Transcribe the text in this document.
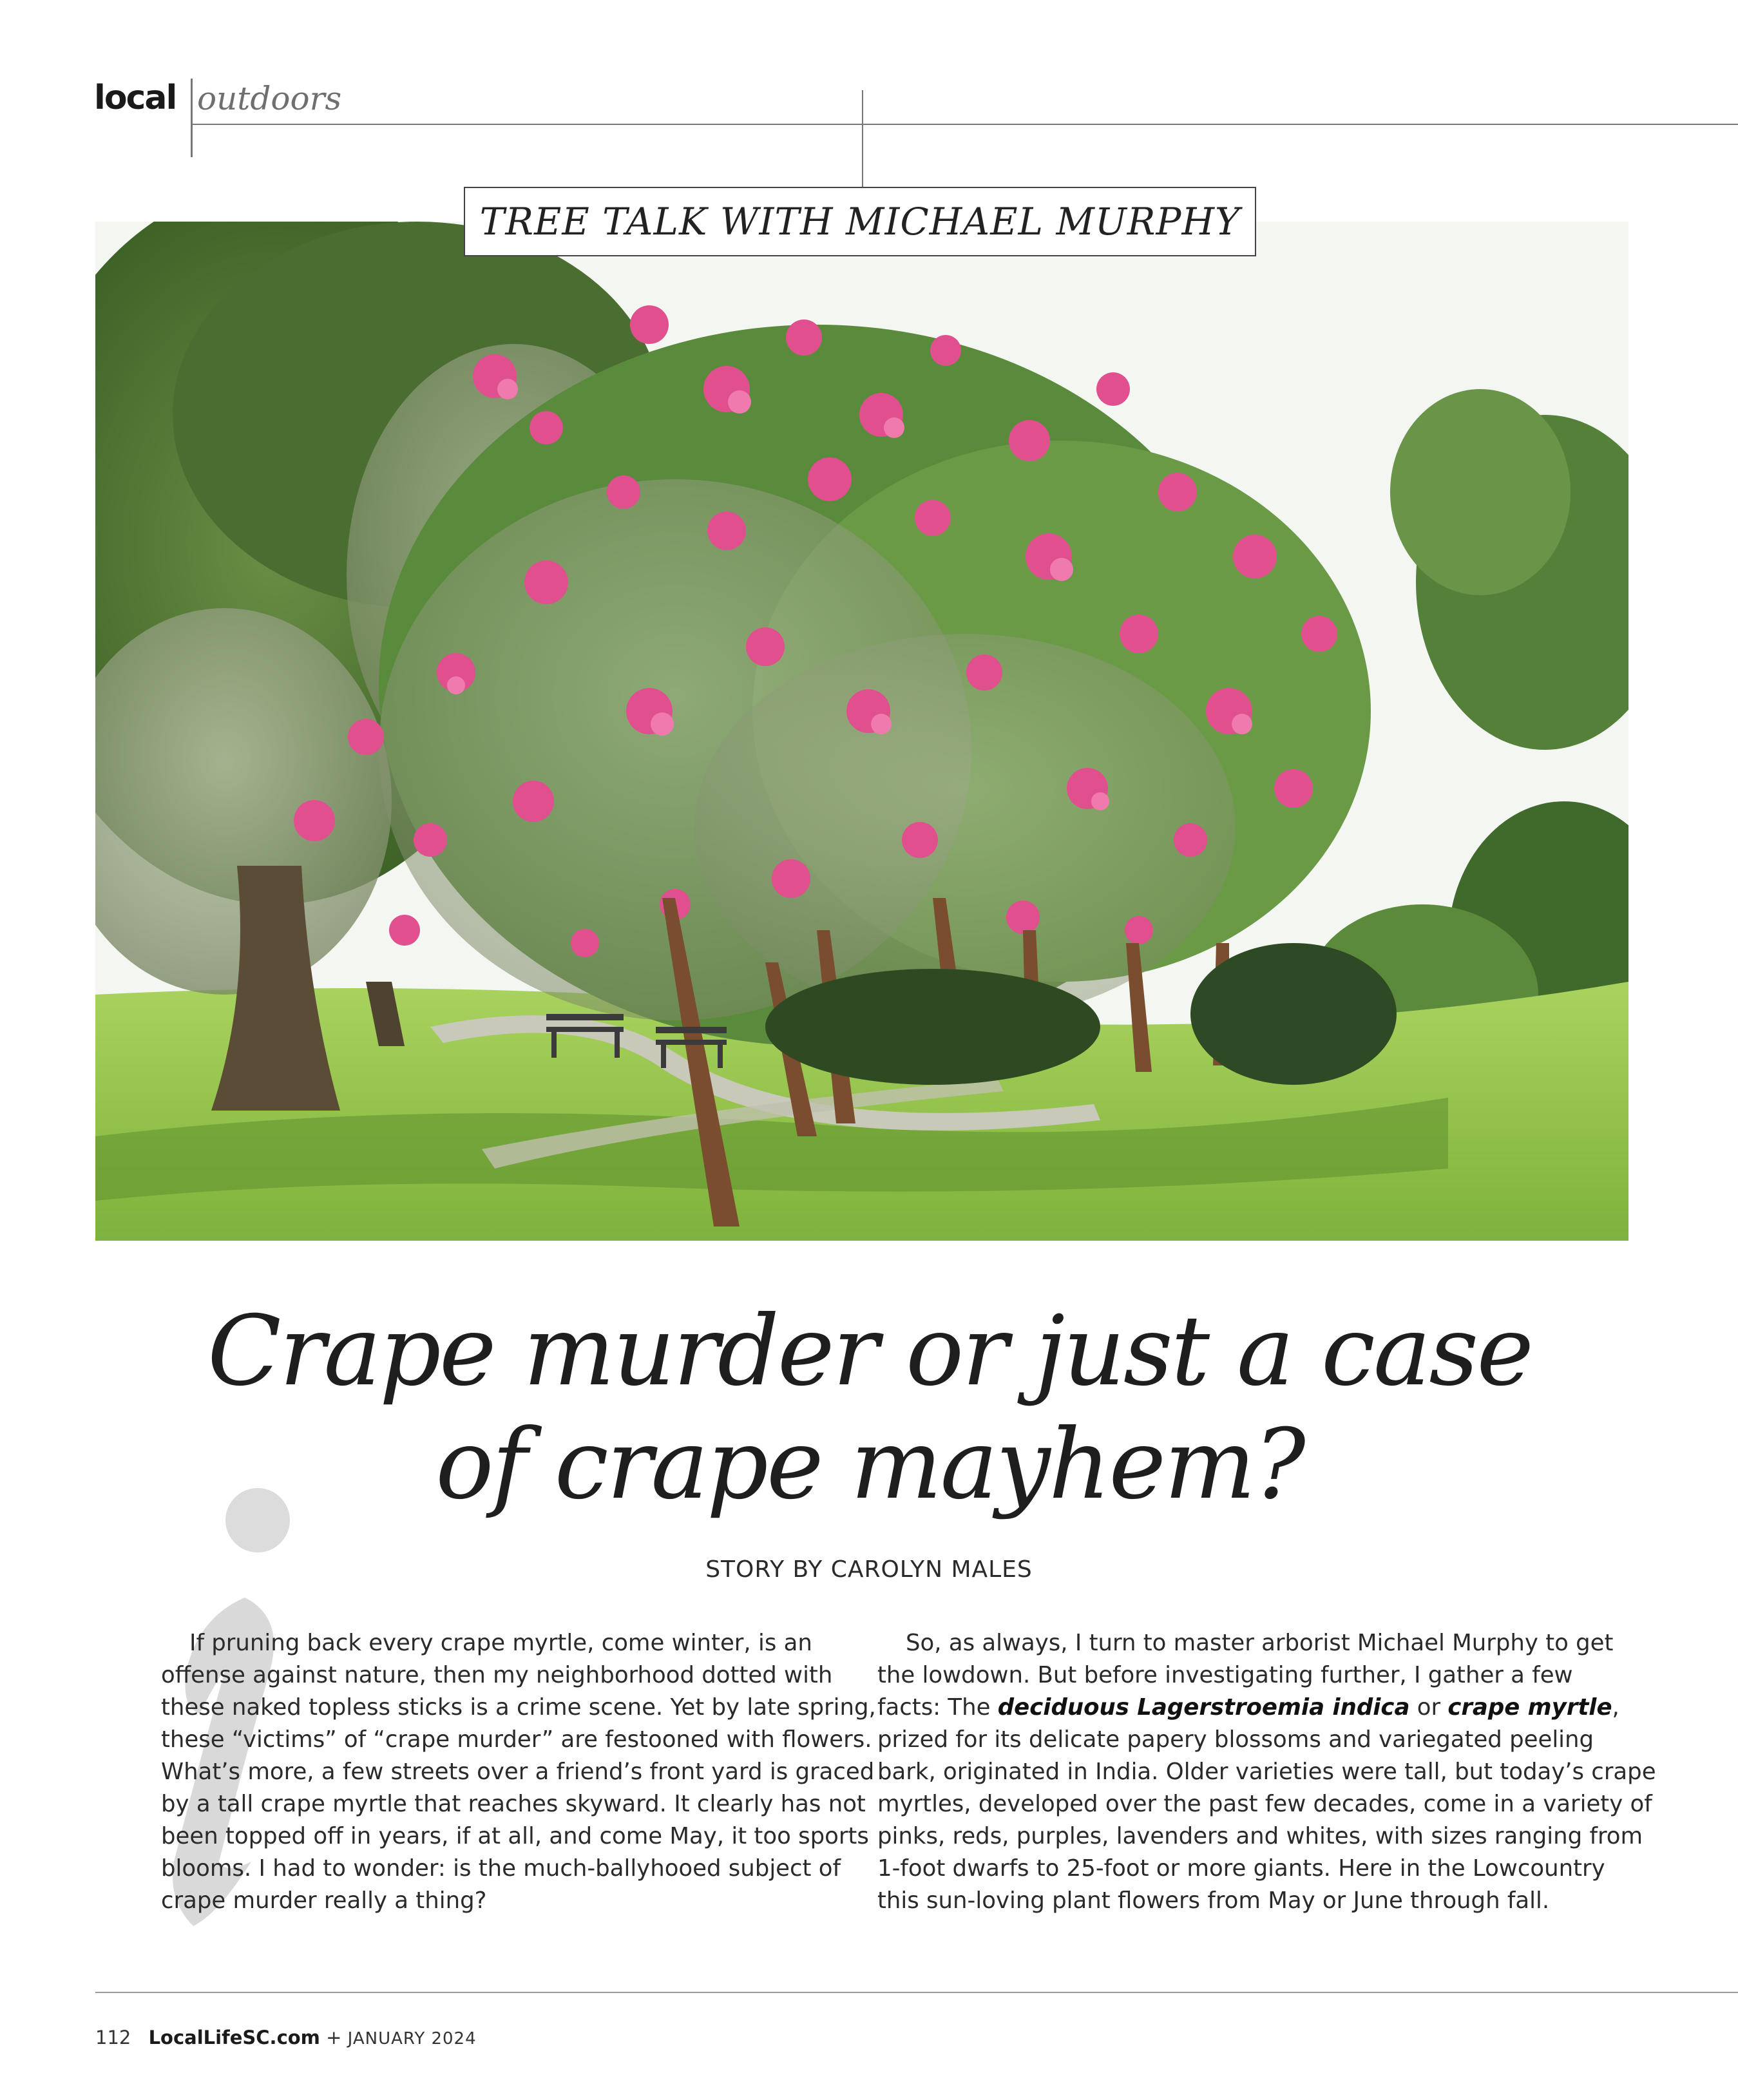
local outdoors
TREE TALK WITH MICHAEL MURPHY
Crape murder or just a case
of crape mayhem?
STORY BY CAROLYN MALES
If pruning back every crape myrtle, come winter, is an
offense against nature, then my neighborhood dotted with
these naked topless sticks is a crime scene. Yet by late spring,
these “victims” of “crape murder” are festooned with flowers.
What’s more, a few streets over a friend’s front yard is graced
by a tall crape myrtle that reaches skyward. It clearly has not
been topped off in years, if at all, and come May, it too sports
blooms. I had to wonder: is the much-ballyhooed subject of
crape murder really a thing?
So, as always, I turn to master arborist Michael Murphy to get
the lowdown. But before investigating further, I gather a few
facts: The deciduous Lagerstroemia indica or crape myrtle,
prized for its delicate papery blossoms and variegated peeling
bark, originated in India. Older varieties were tall, but today’s crape
myrtles, developed over the past few decades, come in a variety of
pinks, reds, purples, lavenders and whites, with sizes ranging from
1-foot dwarfs to 25-foot or more giants. Here in the Lowcountry
this sun-loving plant flowers from May or June through fall.
112 LocalLifeSC.com + JANUARY 2024
